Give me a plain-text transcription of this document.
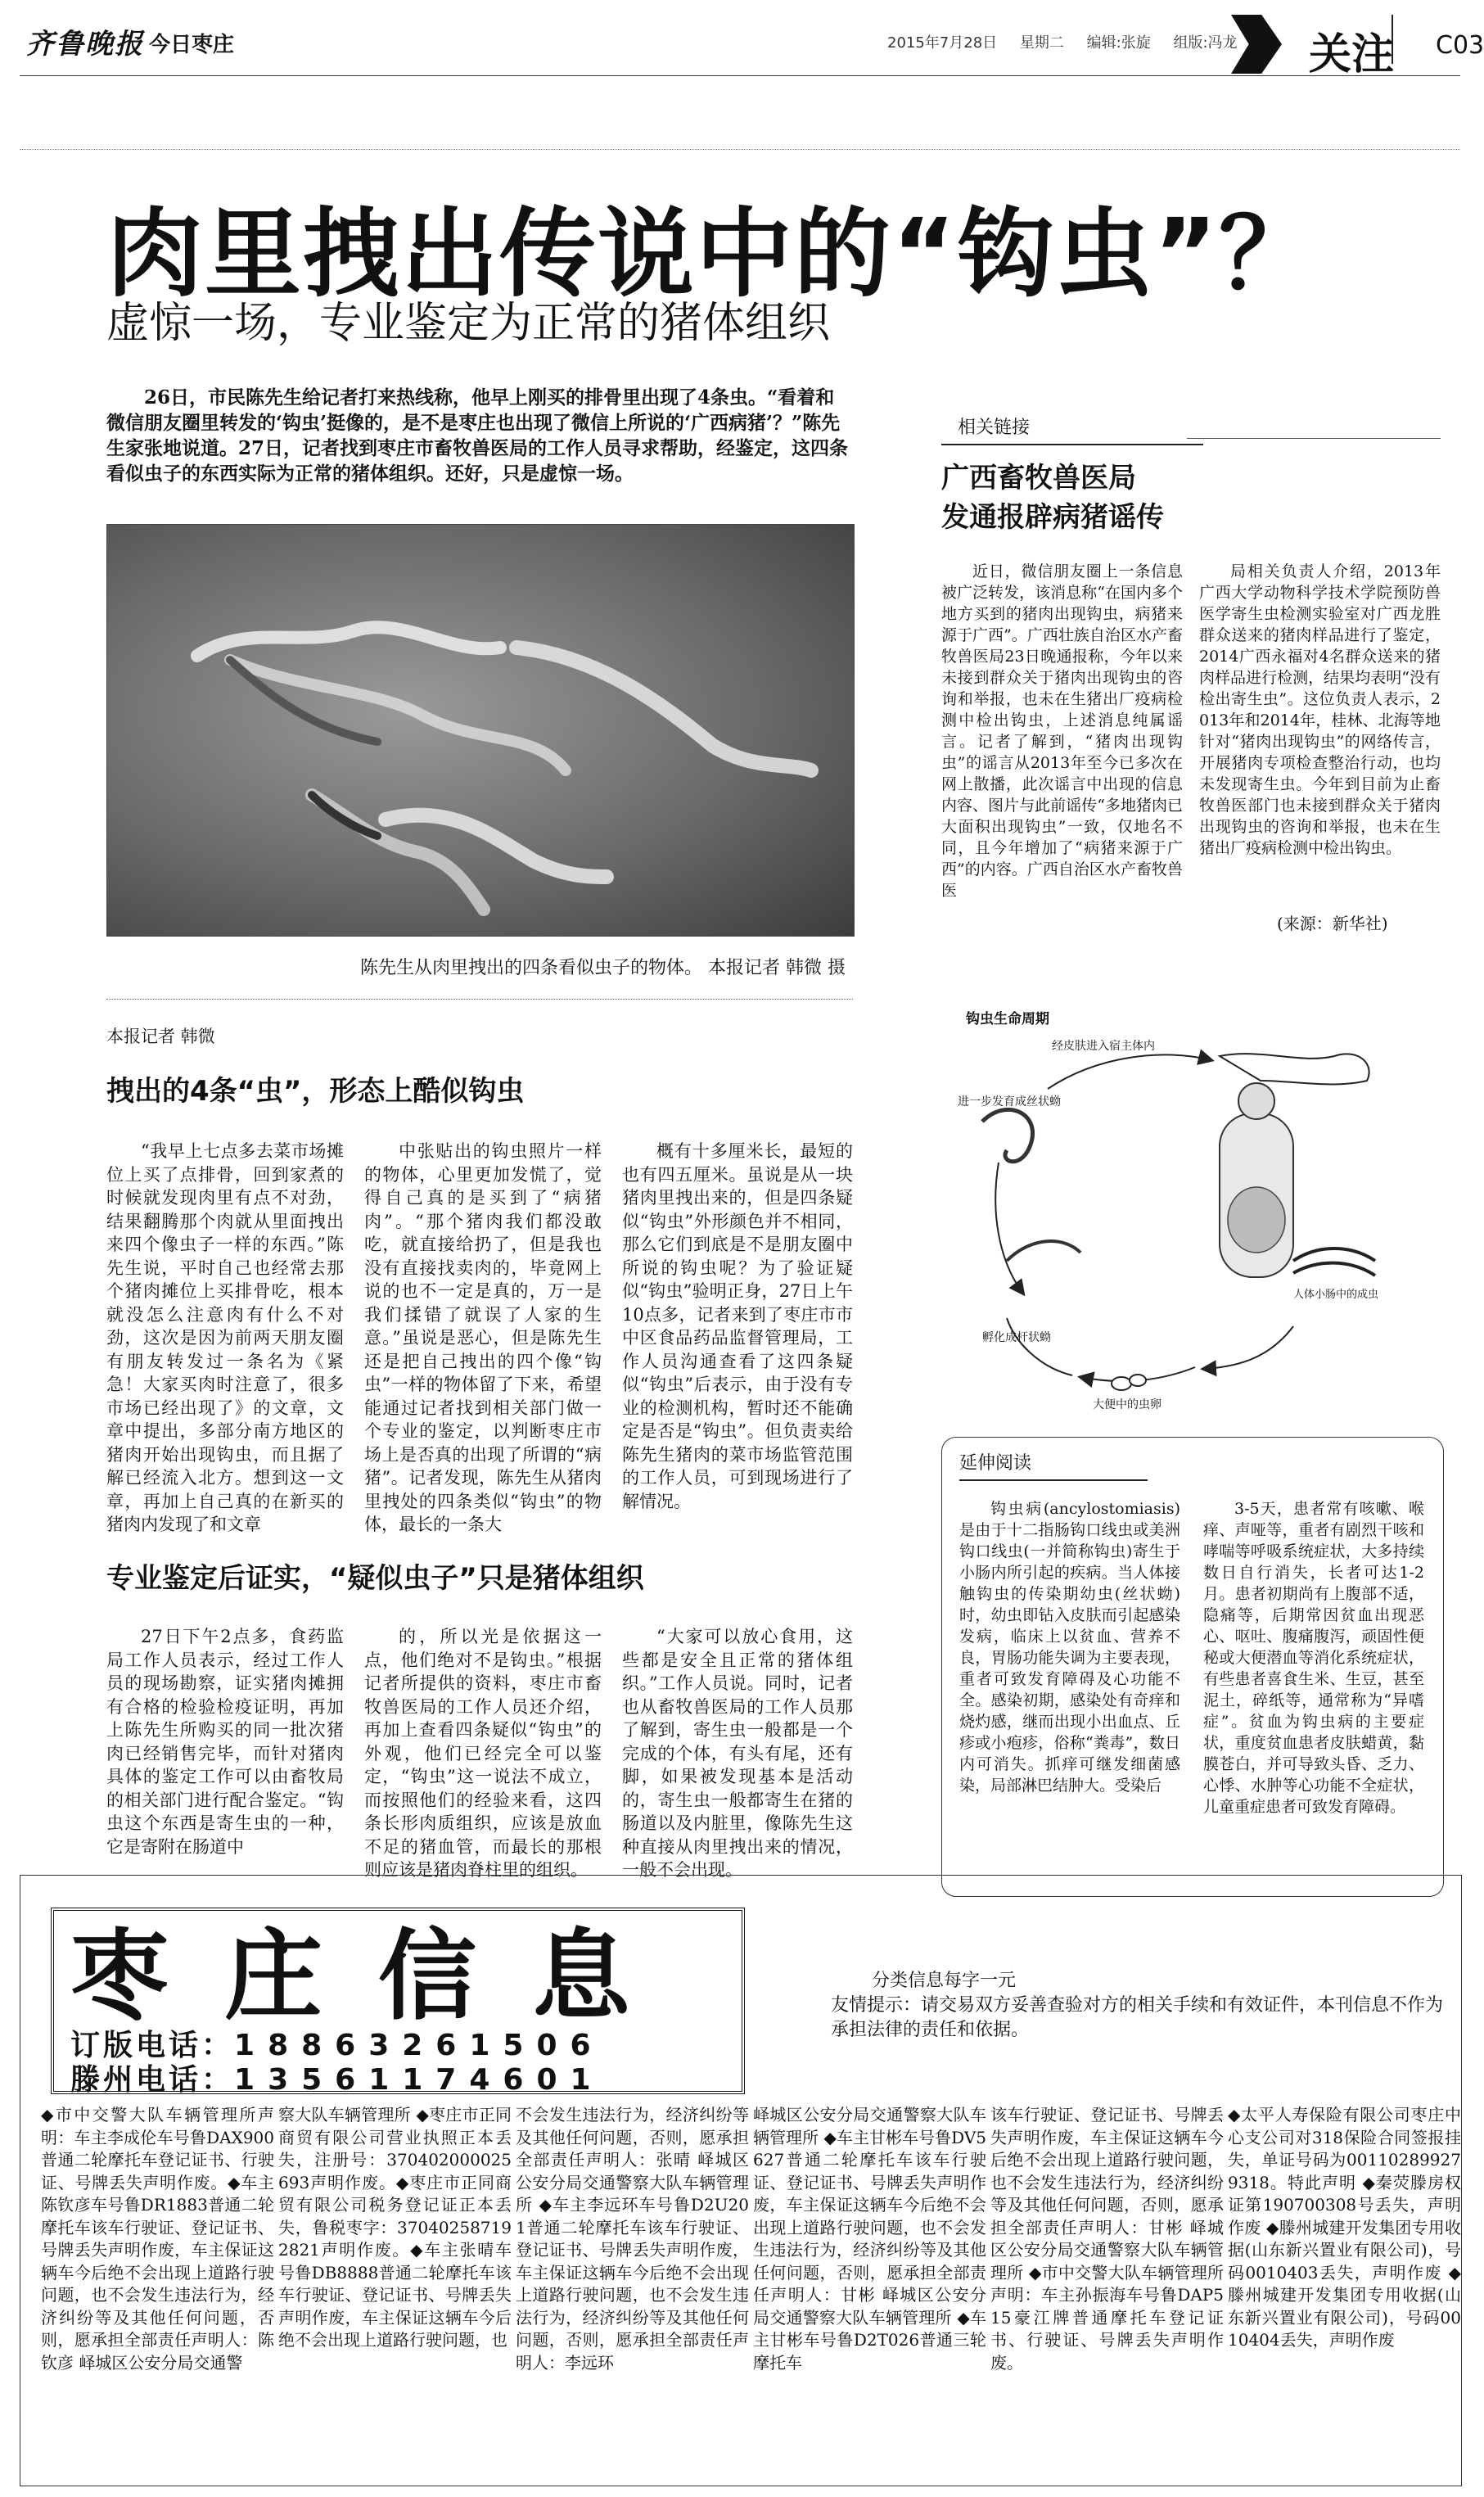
齐鲁晚报 今日枣庄	2015年7月28日 星期二 编辑:张旋 组版:冯龙	关注 C03
肉里拽出传说中的“钩虫”？
虚惊一场，专业鉴定为正常的猪体组织
26日，市民陈先生给记者打来热线称，他早上刚买的排骨里出现了4条虫。“看着和微信朋友圈里转发的‘钩虫’挺像的，是不是枣庄也出现了微信上所说的‘广西病猪’？”陈先生家张地说道。27日，记者找到枣庄市畜牧兽医局的工作人员寻求帮助，经鉴定，这四条看似虫子的东西实际为正常的猪体组织。还好，只是虚惊一场。
陈先生从肉里拽出的四条看似虫子的物体。 本报记者 韩微 摄
本报记者 韩微
拽出的4条“虫”，形态上酷似钩虫

“我早上七点多去菜市场摊位上买了点排骨，回到家煮的时候就发现肉里有点不对劲，结果翻腾那个肉就从里面拽出来四个像虫子一样的东西。”陈先生说，平时自己也经常去那个猪肉摊位上买排骨吃，根本就没怎么注意肉有什么不对劲，这次是因为前两天朋友圈有朋友转发过一条名为《紧急！大家买肉时注意了，很多市场已经出现了》的文章，文章中提出，多部分南方地区的猪肉开始出现钩虫，而且据了解已经流入北方。想到这一文章，再加上自己真的在新买的猪肉内发现了和文章

中张贴出的钩虫照片一样的物体，心里更加发慌了，觉得自己真的是买到了“病猪肉”。“那个猪肉我们都没敢吃，就直接给扔了，但是我也没有直接找卖肉的，毕竟网上说的也不一定是真的，万一是我们揉错了就误了人家的生意。”虽说是恶心，但是陈先生还是把自己拽出的四个像“钩虫”一样的物体留了下来，希望能通过记者找到相关部门做一个专业的鉴定，以判断枣庄市场上是否真的出现了所谓的“病猪”。记者发现，陈先生从猪肉里拽处的四条类似“钩虫”的物体，最长的一条大

概有十多厘米长，最短的也有四五厘米。虽说是从一块猪肉里拽出来的，但是四条疑似“钩虫”外形颜色并不相同，那么它们到底是不是朋友圈中所说的钩虫呢？为了验证疑似“钩虫”验明正身，27日上午10点多，记者来到了枣庄市市中区食品药品监督管理局，工作人员沟通查看了这四条疑似“钩虫”后表示，由于没有专业的检测机构，暂时还不能确定是否是“钩虫”。但负责卖给陈先生猪肉的菜市场监管范围的工作人员，可到现场进行了解情况。

专业鉴定后证实，“疑似虫子”只是猪体组织

27日下午2点多，食药监局工作人员表示，经过工作人员的现场勘察，证实猪肉摊拥有合格的检验检疫证明，再加上陈先生所购买的同一批次猪肉已经销售完毕，而针对猪肉具体的鉴定工作可以由畜牧局的相关部门进行配合鉴定。“钩虫这个东西是寄生虫的一种，它是寄附在肠道中

的，所以光是依据这一点，他们绝对不是钩虫。”根据记者所提供的资料，枣庄市畜牧兽医局的工作人员还介绍，再加上查看四条疑似“钩虫”的外观，他们已经完全可以鉴定，“钩虫”这一说法不成立，而按照他们的经验来看，这四条长形肉质组织，应该是放血不足的猪血管，而最长的那根则应该是猪肉脊柱里的组织。

“大家可以放心食用，这些都是安全且正常的猪体组织。”工作人员说。同时，记者也从畜牧兽医局的工作人员那了解到，寄生虫一般都是一个完成的个体，有头有尾，还有脚，如果被发现基本是活动的，寄生虫一般都寄生在猪的肠道以及内脏里，像陈先生这种直接从肉里拽出来的情况，一般不会出现。

相关链接
广西畜牧兽医局
发通报辟病猪谣传

近日，微信朋友圈上一条信息被广泛转发，该消息称“在国内多个地方买到的猪肉出现钩虫，病猪来源于广西”。广西壮族自治区水产畜牧兽医局23日晚通报称，今年以来未接到群众关于猪肉出现钩虫的咨询和举报，也未在生猪出厂疫病检测中检出钩虫，上述消息纯属谣言。记者了解到，“猪肉出现钩虫”的谣言从2013年至今已多次在网上散播，此次谣言中出现的信息内容、图片与此前谣传“多地猪肉已大面积出现钩虫”一致，仅地名不同，且今年增加了“病猪来源于广西”的内容。广西自治区水产畜牧兽医

局相关负责人介绍，2013年广西大学动物科学技术学院预防兽医学寄生虫检测实验室对广西龙胜群众送来的猪肉样品进行了鉴定，2014广西永福对4名群众送来的猪肉样品进行检测，结果均表明“没有检出寄生虫”。这位负责人表示，2013年和2014年，桂林、北海等地针对“猪肉出现钩虫”的网络传言，开展猪肉专项检查整治行动，也均未发现寄生虫。今年到目前为止畜牧兽医部门也未接到群众关于猪肉出现钩虫的咨询和举报，也未在生猪出厂疫病检测中检出钩虫。

(来源：新华社)
钩虫生命周期
经皮肤进入宿主体内
进一步发育成丝状蚴
孵化成杆状蚴
大便中的虫卵
人体小肠中的成虫
延伸阅读

钩虫病(ancylostomiasis)是由于十二指肠钩口线虫或美洲钩口线虫(一并简称钩虫)寄生于小肠内所引起的疾病。当人体接触钩虫的传染期幼虫(丝状蚴)时，幼虫即钻入皮肤而引起感染发病，临床上以贫血、营养不良，胃肠功能失调为主要表现，重者可致发育障碍及心功能不全。感染初期，感染处有奇痒和烧灼感，继而出现小出血点、丘疹或小疱疹，俗称“粪毒”，数日内可消失。抓痒可继发细菌感染，局部淋巴结肿大。受染后

3-5天，患者常有咳嗽、喉痒、声哑等，重者有剧烈干咳和哮喘等呼吸系统症状，大多持续数日自行消失，长者可达1-2月。患者初期尚有上腹部不适，隐痛等，后期常因贫血出现恶心、呕吐、腹痛腹泻，顽固性便秘或大便潜血等消化系统症状，有些患者喜食生米、生豆，甚至泥土，碎纸等，通常称为“异嗜症”。贫血为钩虫病的主要症状，重度贫血患者皮肤蜡黄，黏膜苍白，并可导致头昏、乏力、心悸、水肿等心功能不全症状，儿童重症患者可致发育障碍。

枣庄信息
订版电话：18863261506
滕州电话：13561174601
分类信息每字一元
友情提示：请交易双方妥善查验对方的相关手续和有效证件，本刊信息不作为承担法律的责任和依据。

◆市中交警大队车辆管理所声明：车主李成伦车号鲁DAX900普通二轮摩托车登记证书、行驶证、号牌丢失声明作废。◆车主陈钦彦车号鲁DR1883普通二轮摩托车该车行驶证、登记证书、号牌丢失声明作废，车主保证这辆车今后绝不会出现上道路行驶问题，也不会发生违法行为，经济纠纷等及其他任何问题，否则，愿承担全部责任声明人：陈钦彦 峄城区公安分局交通警

察大队车辆管理所 ◆枣庄市正同商贸有限公司营业执照正本丢失，注册号：370402000025693声明作废。◆枣庄市正同商贸有限公司税务登记证正本丢失，鲁税枣字：370402587192821声明作废。◆车主张晴车号鲁DB8888普通二轮摩托车该车行驶证、登记证书、号牌丢失声明作废，车主保证这辆车今后绝不会出现上道路行驶问题，也

不会发生违法行为，经济纠纷等及其他任何问题，否则，愿承担全部责任声明人：张晴 峄城区公安分局交通警察大队车辆管理所 ◆车主李远环车号鲁D2U201普通二轮摩托车该车行驶证、登记证书、号牌丢失声明作废，车主保证这辆车今后绝不会出现上道路行驶问题，也不会发生违法行为，经济纠纷等及其他任何问题，否则，愿承担全部责任声明人：李远环

峄城区公安分局交通警察大队车辆管理所 ◆车主甘彬车号鲁DV5627普通二轮摩托车该车行驶证、登记证书、号牌丢失声明作废，车主保证这辆车今后绝不会出现上道路行驶问题，也不会发生违法行为，经济纠纷等及其他任何问题，否则，愿承担全部责任声明人：甘彬 峄城区公安分局交通警察大队车辆管理所 ◆车主甘彬车号鲁D2T026普通三轮摩托车

该车行驶证、登记证书、号牌丢失声明作废，车主保证这辆车今后绝不会出现上道路行驶问题，也不会发生违法行为，经济纠纷等及其他任何问题，否则，愿承担全部责任声明人：甘彬 峄城区公安分局交通警察大队车辆管理所 ◆市中交警大队车辆管理所声明：车主孙振海车号鲁DAP515豪江牌普通摩托车登记证书、行驶证、号牌丢失声明作废。

◆太平人寿保险有限公司枣庄中心支公司对318保险合同签报挂失，单证号码为001102899279318。特此声明 ◆秦荧滕房权证第190700308号丢失，声明作废 ◆滕州城建开发集团专用收据(山东新兴置业有限公司)，号码0010403丢失，声明作废 ◆滕州城建开发集团专用收据(山东新兴置业有限公司)，号码0010404丢失，声明作废
